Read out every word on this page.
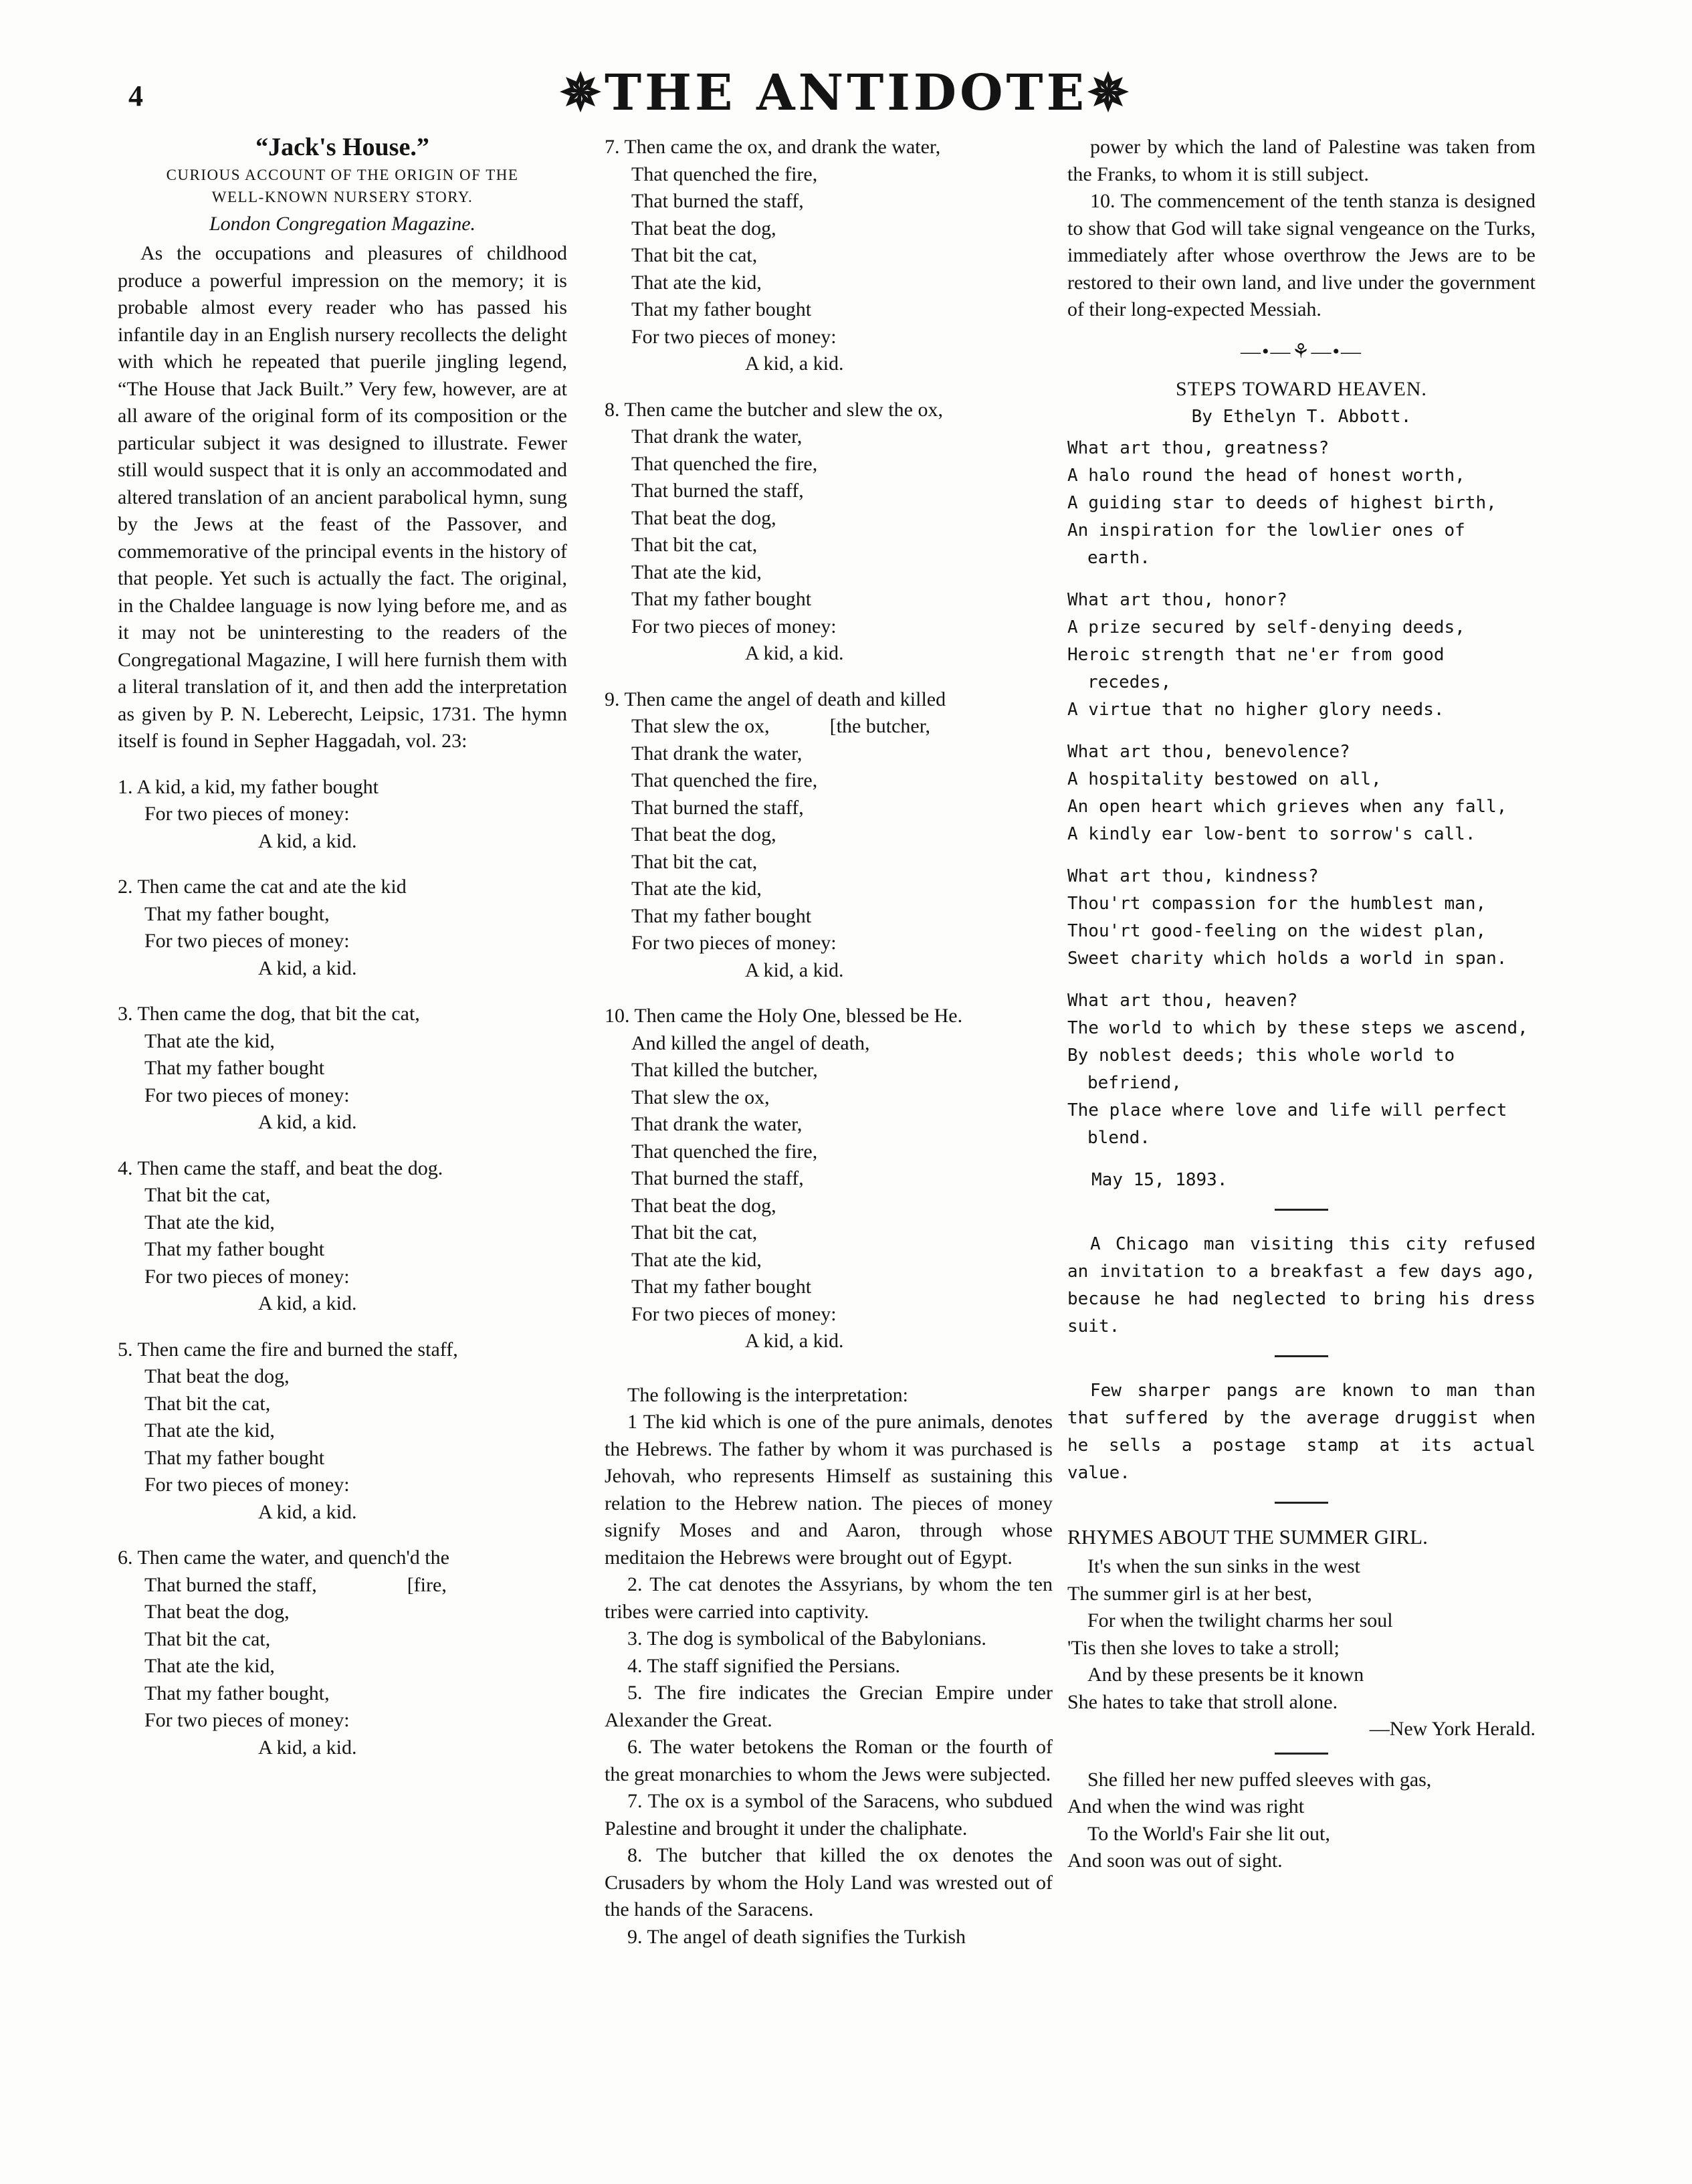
4	✵THE ANTIDOTE✵
“Jack's House.”
CURIOUS ACCOUNT OF THE ORIGIN OF THE
WELL-KNOWN NURSERY STORY.
London Congregation Magazine.

As the occupations and pleasures of childhood produce a powerful impression on the memory; it is probable almost every reader who has passed his infantile day in an English nursery recollects the delight with which he repeated that puerile jingling legend, “The House that Jack Built.” Very few, however, are at all aware of the original form of its composition or the particular subject it was designed to illustrate. Fewer still would suspect that it is only an accommodated and altered translation of an ancient parabolical hymn, sung by the Jews at the feast of the Passover, and commemorative of the principal events in the history of that people. Yet such is actually the fact. The original, in the Chaldee language is now lying before me, and as it may not be uninteresting to the readers of the Congregational Magazine, I will here furnish them with a literal translation of it, and then add the interpretation as given by P. N. Leberecht, Leipsic, 1731. The hymn itself is found in Sepher Haggadah, vol. 23:

1. A kid, a kid, my father bought
For two pieces of money:
A kid, a kid.
2. Then came the cat and ate the kid
That my father bought,
For two pieces of money:
A kid, a kid.
3. Then came the dog, that bit the cat,
That ate the kid,
That my father bought
For two pieces of money:
A kid, a kid.
4. Then came the staff, and beat the dog.
That bit the cat,
That ate the kid,
That my father bought
For two pieces of money:
A kid, a kid.
5. Then came the fire and burned the staff,
That beat the dog,
That bit the cat,
That ate the kid,
That my father bought
For two pieces of money:
A kid, a kid.
6. Then came the water, and quench'd the
That burned the staff,                  [fire,
That beat the dog,
That bit the cat,
That ate the kid,
That my father bought,
For two pieces of money:
A kid, a kid.
7. Then came the ox, and drank the water,
That quenched the fire,
That burned the staff,
That beat the dog,
That bit the cat,
That ate the kid,
That my father bought
For two pieces of money:
A kid, a kid.
8. Then came the butcher and slew the ox,
That drank the water,
That quenched the fire,
That burned the staff,
That beat the dog,
That bit the cat,
That ate the kid,
That my father bought
For two pieces of money:
A kid, a kid.
9. Then came the angel of death and killed
That slew the ox,            [the butcher,
That drank the water,
That quenched the fire,
That burned the staff,
That beat the dog,
That bit the cat,
That ate the kid,
That my father bought
For two pieces of money:
A kid, a kid.
10. Then came the Holy One, blessed be He.
And killed the angel of death,
That killed the butcher,
That slew the ox,
That drank the water,
That quenched the fire,
That burned the staff,
That beat the dog,
That bit the cat,
That ate the kid,
That my father bought
For two pieces of money:
A kid, a kid.

The following is the interpretation:

1 The kid which is one of the pure animals, denotes the Hebrews. The father by whom it was purchased is Jehovah, who represents Himself as sustaining this relation to the Hebrew nation. The pieces of money signify Moses and and Aaron, through whose meditaion the Hebrews were brought out of Egypt.

2. The cat denotes the Assyrians, by whom the ten tribes were carried into captivity.

3. The dog is symbolical of the Babylonians.

4. The staff signified the Persians.

5. The fire indicates the Grecian Empire under Alexander the Great.

6. The water betokens the Roman or the fourth of the great monarchies to whom the Jews were subjected.

7. The ox is a symbol of the Saracens, who subdued Palestine and brought it under the chaliphate.

8. The butcher that killed the ox denotes the Crusaders by whom the Holy Land was wrested out of the hands of the Saracens.

9. The angel of death signifies the Turkish

power by which the land of Palestine was taken from the Franks, to whom it is still subject.

10. The commencement of the tenth stanza is designed to show that God will take signal vengeance on the Turks, immediately after whose overthrow the Jews are to be restored to their own land, and live under the government of their long-expected Messiah.

—•—⚘—•—
STEPS TOWARD HEAVEN.
By Ethelyn T. Abbott.
What art thou, greatness?
A halo round the head of honest worth,
A guiding star to deeds of highest birth,
An inspiration for the lowlier ones of earth.
What art thou, honor?
A prize secured by self-denying deeds,
Heroic strength that ne'er from good recedes,
A virtue that no higher glory needs.
What art thou, benevolence?
A hospitality bestowed on all,
An open heart which grieves when any fall,
A kindly ear low-bent to sorrow's call.
What art thou, kindness?
Thou'rt compassion for the humblest man,
Thou'rt good-feeling on the widest plan,
Sweet charity which holds a world in span.
What art thou, heaven?
The world to which by these steps we ascend,
By noblest deeds; this whole world to befriend,
The place where love and life will perfect blend.
May 15, 1893.

A Chicago man visiting this city refused an invitation to a breakfast a few days ago, because he had neglected to bring his dress suit.

Few sharper pangs are known to man than that suffered by the average druggist when he sells a postage stamp at its actual value.

RHYMES ABOUT THE SUMMER GIRL.
It's when the sun sinks in the west
The summer girl is at her best,
For when the twilight charms her soul
'Tis then she loves to take a stroll;
And by these presents be it known
She hates to take that stroll alone.
—New York Herald.
She filled her new puffed sleeves with gas,
And when the wind was right
To the World's Fair she lit out,
And soon was out of sight.
